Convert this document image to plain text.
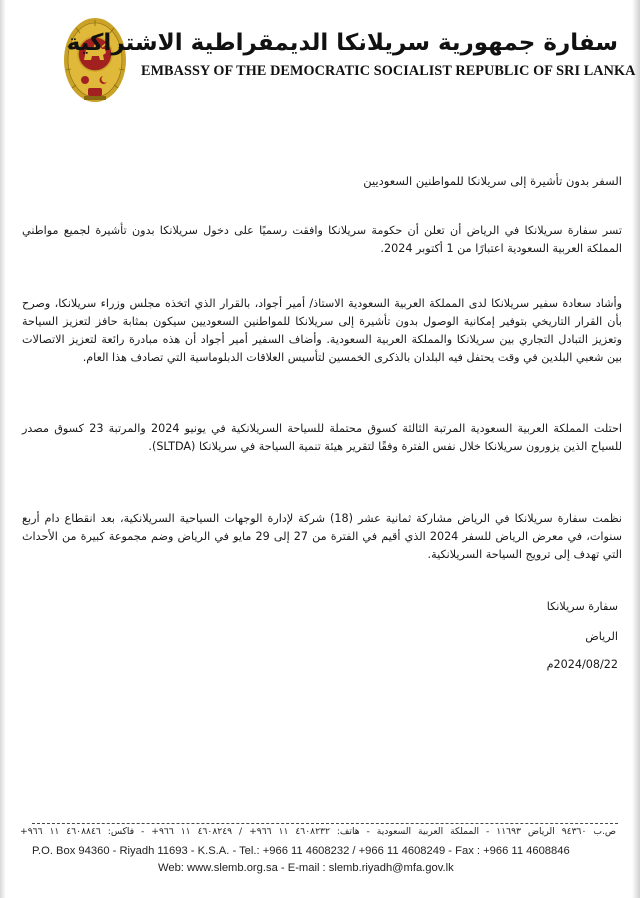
سفارة جمهورية سريلانكا الديمقراطية الاشتراكية
EMBASSY OF THE DEMOCRATIC SOCIALIST REPUBLIC OF SRI LANKA
السفر بدون تأشيرة إلى سريلانكا للمواطنين السعوديين
تسر سفارة سريلانكا في الرياض أن تعلن أن حكومة سريلانكا وافقت رسميًا على دخول سريلانكا بدون تأشيرة لجميع مواطني المملكة العربية السعودية اعتبارًا من 1 أكتوبر 2024.
وأشاد سعادة سفير سريلانكا لدى المملكة العربية السعودية الاستاذ/ أمير أجواد، بالقرار الذي اتخذه مجلس وزراء سريلانكا، وصرح بأن القرار التاريخي بتوفير إمكانية الوصول بدون تأشيرة إلى سريلانكا للمواطنين السعوديين سيكون بمثابة حافز لتعزيز السياحة وتعزيز التبادل التجاري بين سريلانكا والمملكة العربية السعودية. وأضاف السفير أمير أجواد أن هذه مبادرة رائعة لتعزيز الاتصالات بين شعبي البلدين في وقت يحتفل فيه البلدان بالذكرى الخمسين لتأسيس العلاقات الدبلوماسية التي تصادف هذا العام.
احتلت المملكة العربية السعودية المرتبة الثالثة كسوق محتملة للسياحة السريلانكية في يونيو 2024 والمرتبة 23 كسوق مصدر للسياح الذين يزورون سريلانكا خلال نفس الفترة وفقًا لتقرير هيئة تنمية السياحة في سريلانكا (SLTDA).
نظمت سفارة سريلانكا في الرياض مشاركة ثمانية عشر (18) شركة لإدارة الوجهات السياحية السريلانكية، بعد انقطاع دام أربع سنوات، في معرض الرياض للسفر 2024 الذي أقيم في الفترة من 27 إلى 29 مايو في الرياض وضم مجموعة كبيرة من الأحداث التي تهدف إلى ترويج السياحة السريلانكية.
سفارة سريلانكا
الرياض
2024/08/22م
ص.ب ٩٤٣٦٠ الرياض ١١٦٩٣ - المملكة العربية السعودية - هاتف: ٤٦٠٨٢٣٢ ١١ ٩٦٦+ / ٤٦٠٨٢٤٩ ١١ ٩٦٦+ - فاكس: ٤٦٠٨٨٤٦ ١١ ٩٦٦+
P.O. Box 94360 - Riyadh 11693 - K.S.A. - Tel.: +966 11 4608232 / +966 11 4608249 - Fax : +966 11 4608846
Web: www.slemb.org.sa - E-mail : slemb.riyadh@mfa.gov.lk
